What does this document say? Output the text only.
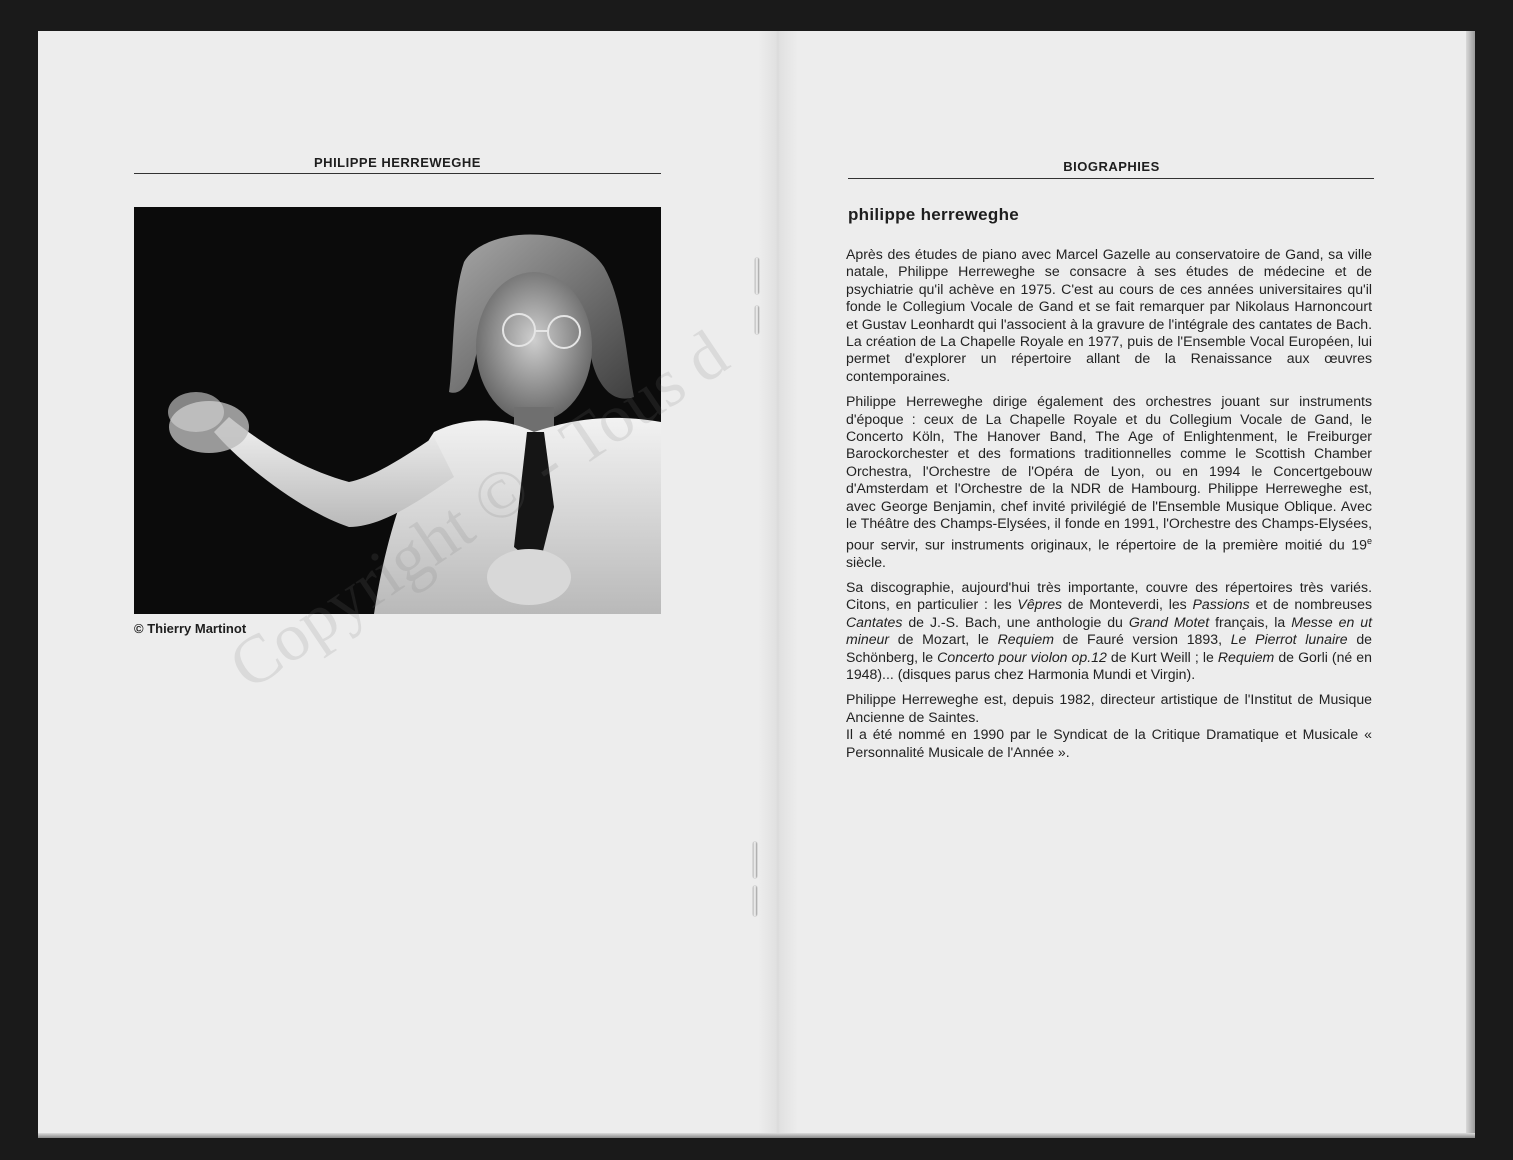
PHILIPPE HERREWEGHE
© Thierry Martinot
BIOGRAPHIES
philippe herreweghe

Après des études de piano avec Marcel Gazelle au conservatoire de Gand, sa ville natale, Philippe Herreweghe se consacre à ses études de médecine et de psychiatrie qu'il achève en 1975. C'est au cours de ces années universitaires qu'il fonde le Collegium Vocale de Gand et se fait remarquer par Nikolaus Harnoncourt et Gustav Leonhardt qui l'associent à la gravure de l'intégrale des cantates de Bach. La création de La Chapelle Royale en 1977, puis de l'Ensemble Vocal Européen, lui permet d'explorer un répertoire allant de la Renaissance aux œuvres contemporaines.

Philippe Herreweghe dirige également des orchestres jouant sur instruments d'époque : ceux de La Chapelle Royale et du Collegium Vocale de Gand, le Concerto Köln, The Hanover Band, The Age of Enlightenment, le Freiburger Barockorchester et des formations traditionnelles comme le Scottish Chamber Orchestra, l'Orchestre de l'Opéra de Lyon, ou en 1994 le Concertgebouw d'Amsterdam et l'Orchestre de la NDR de Hambourg. Philippe Herreweghe est, avec George Benjamin, chef invité privilégié de l'Ensemble Musique Oblique. Avec le Théâtre des Champs-Elysées, il fonde en 1991, l'Orchestre des Champs-Elysées, pour servir, sur instruments originaux, le répertoire de la première moitié du 19e siècle.

Sa discographie, aujourd'hui très importante, couvre des répertoires très variés. Citons, en particulier : les Vêpres de Monteverdi, les Passions et de nombreuses Cantates de J.-S. Bach, une anthologie du Grand Motet français, la Messe en ut mineur de Mozart, le Requiem de Fauré version 1893, Le Pierrot lunaire de Schönberg, le Concerto pour violon op.12 de Kurt Weill ; le Requiem de Gorli (né en 1948)... (disques parus chez Harmonia Mundi et Virgin).

Philippe Herreweghe est, depuis 1982, directeur artistique de l'Institut de Musique Ancienne de Saintes.

Il a été nommé en 1990 par le Syndicat de la Critique Dramatique et Musicale « Personnalité Musicale de l'Année ».
